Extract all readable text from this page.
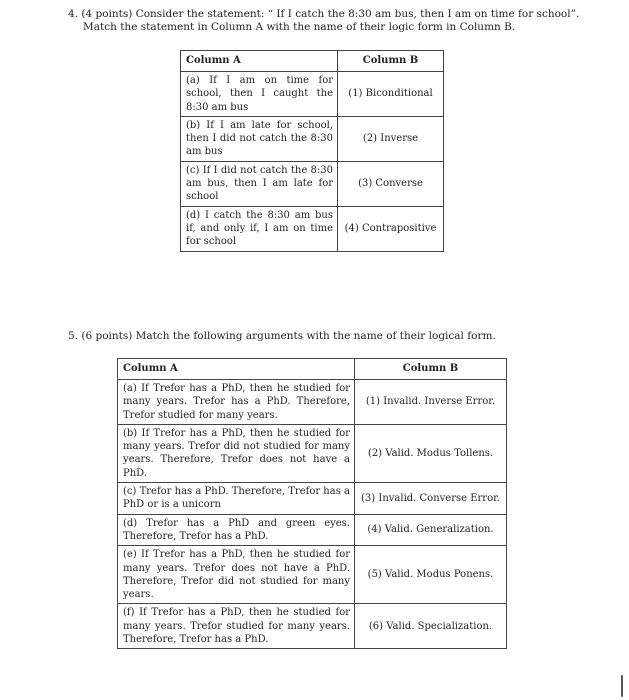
4. (4 points) Consider the statement: “ If I catch the 8:30 am bus, then I am on time for school”.
Match the statement in Column A with the name of their logic form in Column B.
Column A	Column B
(a) If I am on time for school, then I caught the 8:30 am bus	(1) Biconditional
(b) If I am late for school, then I did not catch the 8:30 am bus	(2) Inverse
(c) If I did not catch the 8:30 am bus, then I am late for school	(3) Converse
(d) I catch the 8:30 am bus if, and only if, I am on time for school	(4) Contrapositive
5. (6 points) Match the following arguments with the name of their logical form.
Column A	Column B
(a) If Trefor has a PhD, then he studied for many years. Trefor has a PhD. Therefore, Trefor studied for many years.	(1) Invalid. Inverse Error.
(b) If Trefor has a PhD, then he studied for many years. Trefor did not studied for many years. Therefore, Trefor does not have a PhD.	(2) Valid. Modus Tollens.
(c) Trefor has a PhD. Therefore, Trefor has a PhD or is a unicorn	(3) Invalid. Converse Error.
(d) Trefor has a PhD and green eyes. Therefore, Trefor has a PhD.	(4) Valid. Generalization.
(e) If Trefor has a PhD, then he studied for many years. Trefor does not have a PhD. Therefore, Trefor did not studied for many years.	(5) Valid. Modus Ponens.
(f) If Trefor has a PhD, then he studied for many years. Trefor studied for many years. Therefore, Trefor has a PhD.	(6) Valid. Specialization.
